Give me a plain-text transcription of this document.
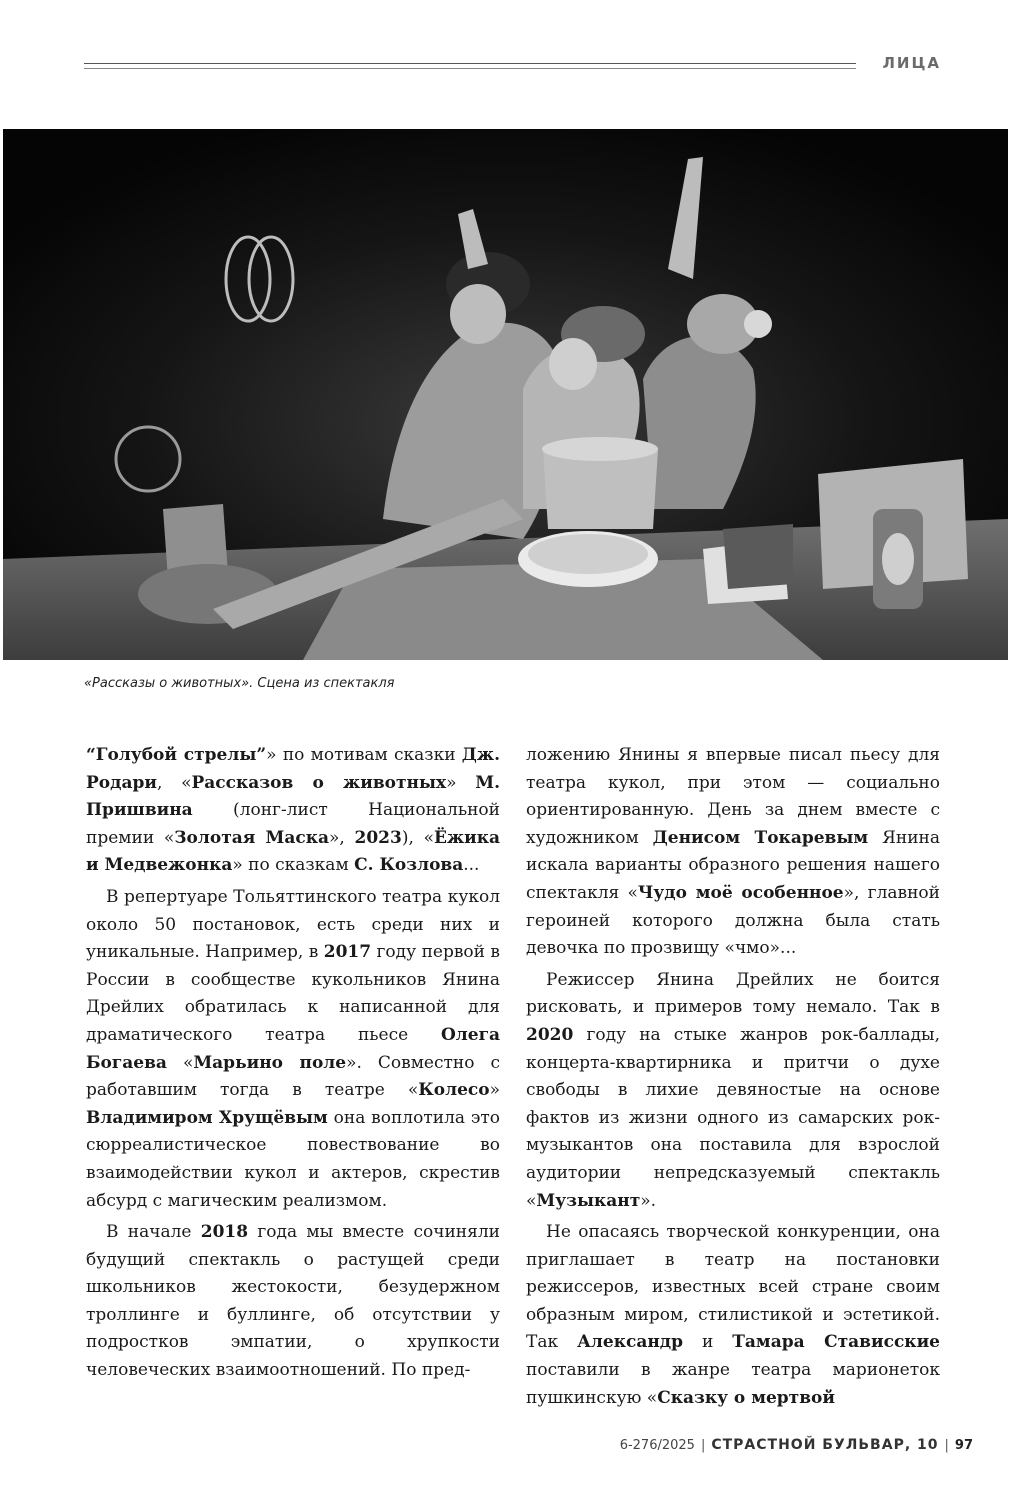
ЛИЦА
«Рассказы о животных». Сцена из спектакля

“Голубой стрелы”» по мотивам сказки Дж. Родари, «Рассказов о животных» М. Пришвина (лонг-лист Национальной премии «Золотая Маска», 2023), «Ёжика и Медвежонка» по сказкам С. Козлова...

В репертуаре Тольяттинского театра кукол около 50 постановок, есть среди них и уникальные. Например, в 2017 году первой в России в сообществе кукольников Янина Дрейлих обратилась к написанной для драматического театра пьесе Олега Богаева «Марьино поле». Совместно с работавшим тогда в театре «Колесо» Владимиром Хрущёвым она воплотила это сюрреалистическое повествование во взаимодействии кукол и актеров, скрестив абсурд с магическим реализмом.

В начале 2018 года мы вместе сочиняли будущий спектакль о растущей среди школьников жестокости, безудержном троллинге и буллинге, об отсутствии у подростков эмпатии, о хрупкости человеческих взаимоотношений. По пред-

ложению Янины я впервые писал пьесу для театра кукол, при этом — социально ориентированную. День за днем вместе с художником Денисом Токаревым Янина искала варианты образного решения нашего спектакля «Чудо моё особенное», главной героиней которого должна была стать девочка по прозвищу «чмо»...

Режиссер Янина Дрейлих не боится рисковать, и примеров тому немало. Так в 2020 году на стыке жанров рок-баллады, концерта-квартирника и притчи о духе свободы в лихие девяностые на основе фактов из жизни одного из самарских рок-музыкантов она поставила для взрослой аудитории непредсказуемый спектакль «Музыкант».

Не опасаясь творческой конкуренции, она приглашает в театр на постановки режиссеров, известных всей стране своим образным миром, стилистикой и эстетикой. Так Александр и Тамара Стависские поставили в жанре театра марионеток пушкинскую «Сказку о мертвой

6-276/2025 | СТРАСТНОЙ БУЛЬВАР, 10 | 97
